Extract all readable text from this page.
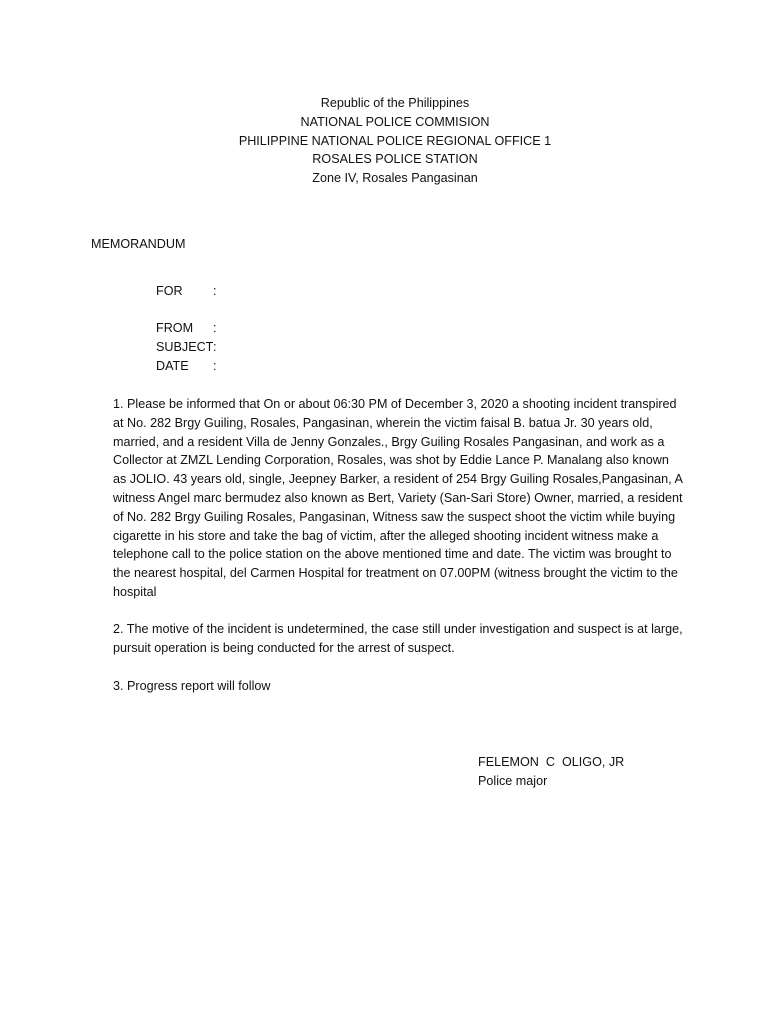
Republic of the Philippines
NATIONAL POLICE COMMISION
PHILIPPINE NATIONAL POLICE REGIONAL OFFICE 1
ROSALES POLICE STATION
Zone IV, Rosales Pangasinan
MEMORANDUM
FOR	:
FROM	:
SUBJECT :
DATE	:
1. Please be informed that On or about 06:30 PM of December 3, 2020 a shooting incident transpired at No. 282 Brgy Guiling, Rosales, Pangasinan, wherein the victim faisal B. batua Jr. 30 years old, married, and a resident Villa de Jenny Gonzales., Brgy Guiling Rosales Pangasinan, and work as a Collector at ZMZL Lending Corporation, Rosales, was shot by Eddie Lance P. Manalang also known as JOLIO. 43 years old, single, Jeepney Barker, a resident of 254 Brgy Guiling Rosales,Pangasinan, A witness Angel marc bermudez also known as Bert, Variety (San-Sari Store) Owner, married, a resident of No. 282 Brgy Guiling Rosales, Pangasinan, Witness saw the suspect shoot the victim while buying cigarette in his store and take the bag of victim, after the alleged shooting incident witness make a telephone call to the police station on the above mentioned time and date. The victim was brought to the nearest hospital, del Carmen Hospital for treatment on 07.00PM (witness brought the victim to the hospital
2. The motive of the incident is undetermined, the case still under investigation and suspect is at large, pursuit operation is being conducted for the arrest of suspect.
3. Progress report will follow
FELEMON  C  OLIGO, JR
Police major
